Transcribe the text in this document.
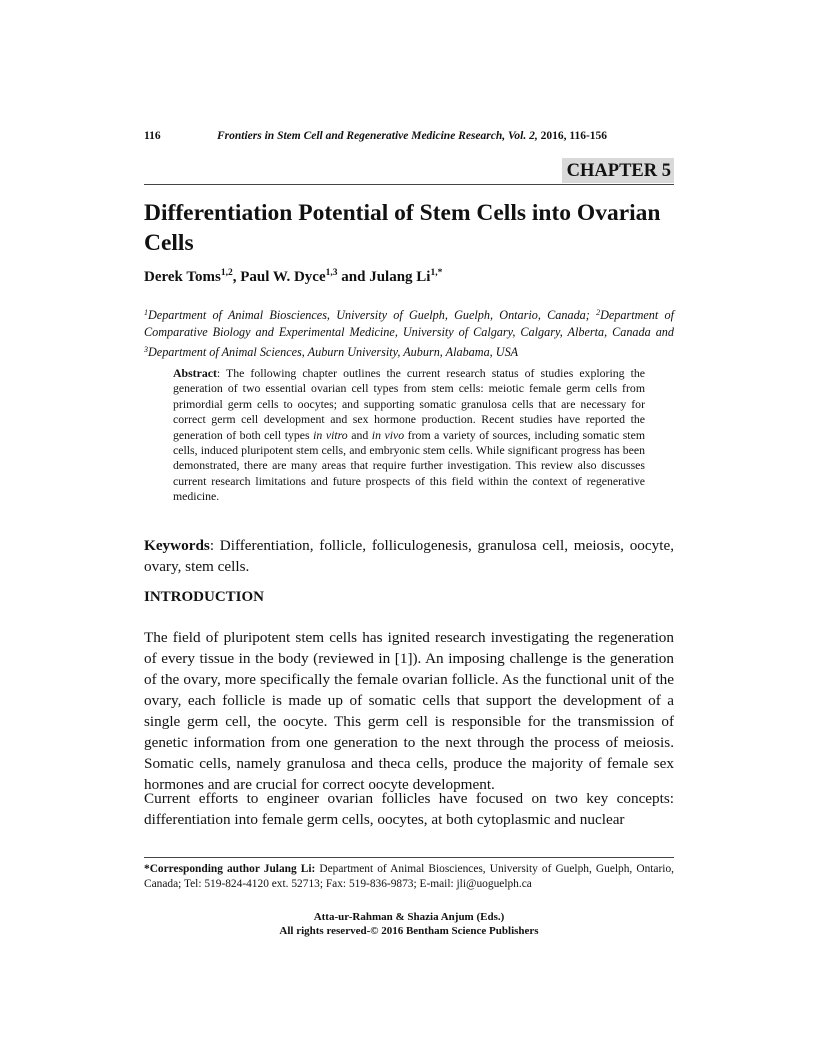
116	Frontiers in Stem Cell and Regenerative Medicine Research, Vol. 2, 2016, 116-156
CHAPTER 5
Differentiation Potential of Stem Cells into Ovarian Cells
Derek Toms$^{1,2}$, Paul W. Dyce$^{1,3}$ and Julang $Li^{1,*}$
$^1$Department of Animal Biosciences, University of Guelph, Guelph, Ontario, Canada; $^2$Department of Comparative Biology and Experimental Medicine, University of Calgary, Calgary, Alberta, Canada and $^3$Department of Animal Sciences, Auburn University, Auburn, Alabama, USA
Abstract: The following chapter outlines the current research status of studies exploring the generation of two essential ovarian cell types from stem cells: meiotic female germ cells from primordial germ cells to oocytes; and supporting somatic granulosa cells that are necessary for correct germ cell development and sex hormone production. Recent studies have reported the generation of both cell types in vitro and in vivo from a variety of sources, including somatic stem cells, induced pluripotent stem cells, and embryonic stem cells. While significant progress has been demonstrated, there are many areas that require further investigation. This review also discusses current research limitations and future prospects of this field within the context of regenerative medicine.
Keywords: Differentiation, follicle, folliculogenesis, granulosa cell, meiosis, oocyte, ovary, stem cells.
INTRODUCTION

The field of pluripotent stem cells has ignited research investigating the regeneration of every tissue in the body (reviewed in [1]). An imposing challenge is the generation of the ovary, more specifically the female ovarian follicle. As the functional unit of the ovary, each follicle is made up of somatic cells that support the development of a single germ cell, the oocyte. This germ cell is responsible for the transmission of genetic information from one generation to the next through the process of meiosis. Somatic cells, namely granulosa and theca cells, produce the majority of female sex hormones and are crucial for correct oocyte development.

Current efforts to engineer ovarian follicles have focused on two key concepts: differentiation into female germ cells, oocytes, at both cytoplasmic and nuclear

*Corresponding author Julang Li: Department of Animal Biosciences, University of Guelph, Guelph, Ontario, Canada; Tel: 519-824-4120 ext. 52713; Fax: 519-836-9873; E-mail: jli@uoguelph.ca
Atta-ur-Rahman & Shazia Anjum (Eds.)
All rights reserved-© 2016 Bentham Science Publishers
